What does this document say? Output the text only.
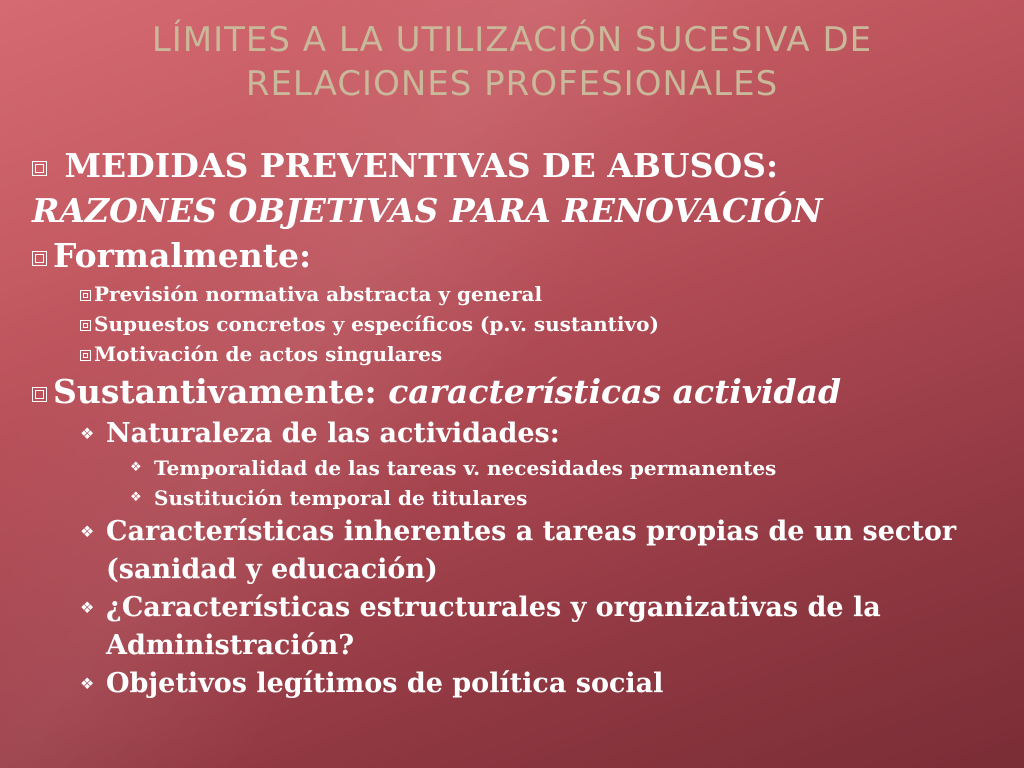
LÍMITES A LA UTILIZACIÓN SUCESIVA DE
RELACIONES PROFESIONALES
MEDIDAS PREVENTIVAS DE ABUSOS:
RAZONES OBJETIVAS PARA RENOVACIÓN
Formalmente:
Previsión normativa abstracta y general
Supuestos concretos y específicos (p.v. sustantivo)
Motivación de actos singulares
Sustantivamente: características actividad
❖ Naturaleza de las actividades:
❖ Temporalidad de las tareas v. necesidades permanentes
❖ Sustitución temporal de titulares
❖ Características inherentes a tareas propias de un sector (sanidad y educación)
❖ ¿Características estructurales y organizativas de la Administración?
❖ Objetivos legítimos de política social
